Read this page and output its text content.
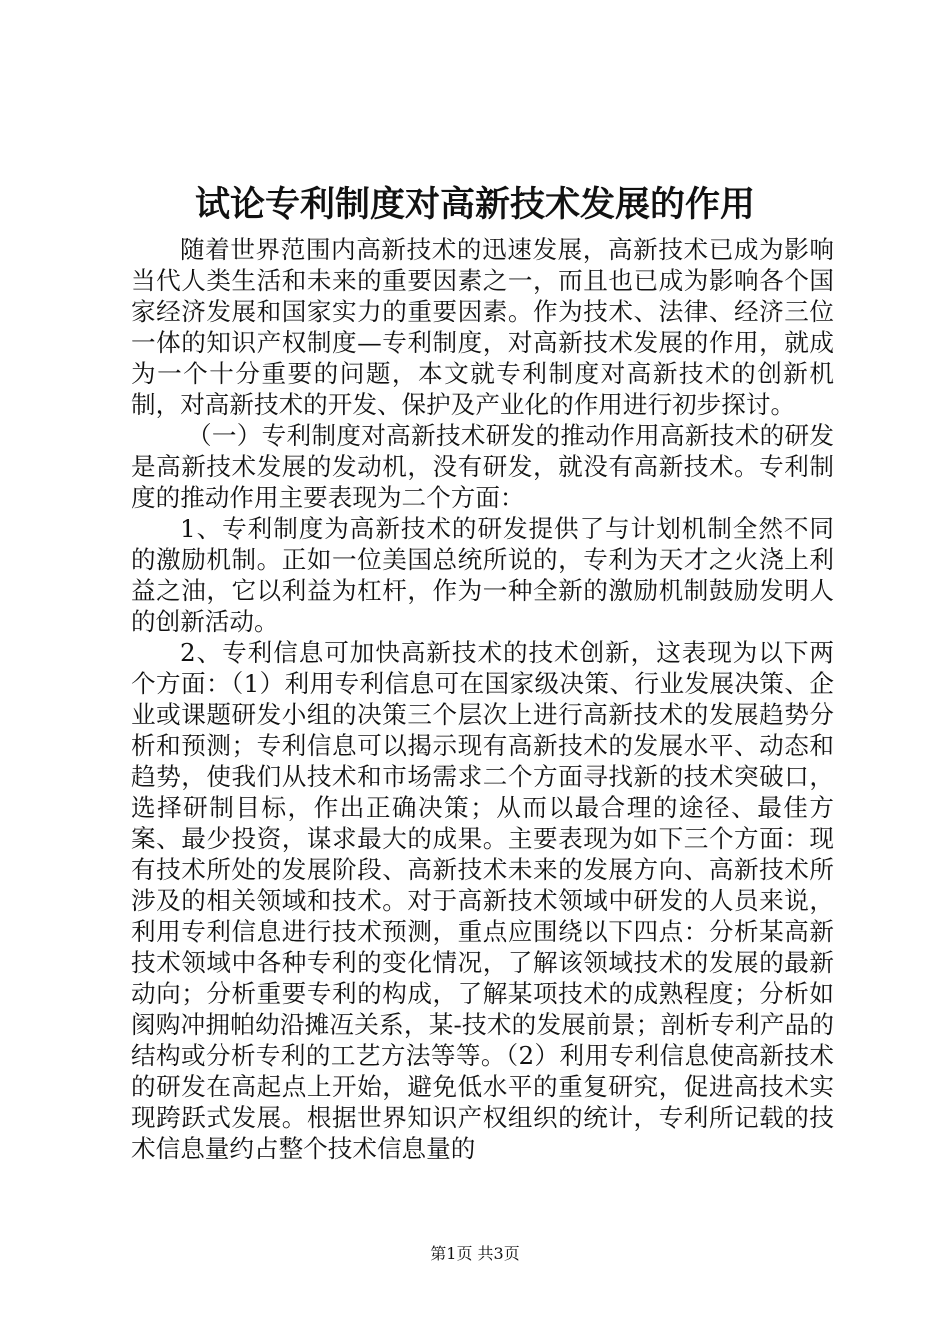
试论专利制度对高新技术发展的作用

随着世界范围内高新技术的迅速发展，高新技术已成为影响当代人类生活和未来的重要因素之一，而且也已成为影响各个国家经济发展和国家实力的重要因素。作为技术、法律、经济三位一体的知识产权制度—专利制度，对高新技术发展的作用，就成为一个十分重要的问题，本文就专利制度对高新技术的创新机制，对高新技术的开发、保护及产业化的作用进行初步探讨。

（一）专利制度对高新技术研发的推动作用高新技术的研发是高新技术发展的发动机，没有研发，就没有高新技术。专利制度的推动作用主要表现为二个方面：

1、专利制度为高新技术的研发提供了与计划机制全然不同的激励机制。正如一位美国总统所说的，专利为天才之火浇上利益之油，它以利益为杠杆，作为一种全新的激励机制鼓励发明人的创新活动。

2、专利信息可加快高新技术的技术创新，这表现为以下两个方面：（1）利用专利信息可在国家级决策、行业发展决策、企业或课题研发小组的决策三个层次上进行高新技术的发展趋势分析和预测；专利信息可以揭示现有高新技术的发展水平、动态和趋势，使我们从技术和市场需求二个方面寻找新的技术突破口，选择研制目标，作出正确决策；从而以最合理的途径、最佳方案、最少投资，谋求最大的成果。主要表现为如下三个方面：现有技术所处的发展阶段、高新技术未来的发展方向、高新技术所涉及的相关领域和技术。对于高新技术领域中研发的人员来说，利用专利信息进行技术预测，重点应围绕以下四点：分析某高新技术领域中各种专利的变化情况，了解该领域技术的发展的最新动向；分析重要专利的构成，了解某项技术的成熟程度；分析如阂购冲拥帕幼沿摊冱关系，某-技术的发展前景；剖析专利产品的结构或分析专利的工艺方法等等。（2）利用专利信息使高新技术的研发在高起点上开始，避免低水平的重复研究，促进高技术实现跨跃式发展。根据世界知识产权组织的统计，专利所记载的技术信息量约占整个技术信息量的

第1页 共3页
